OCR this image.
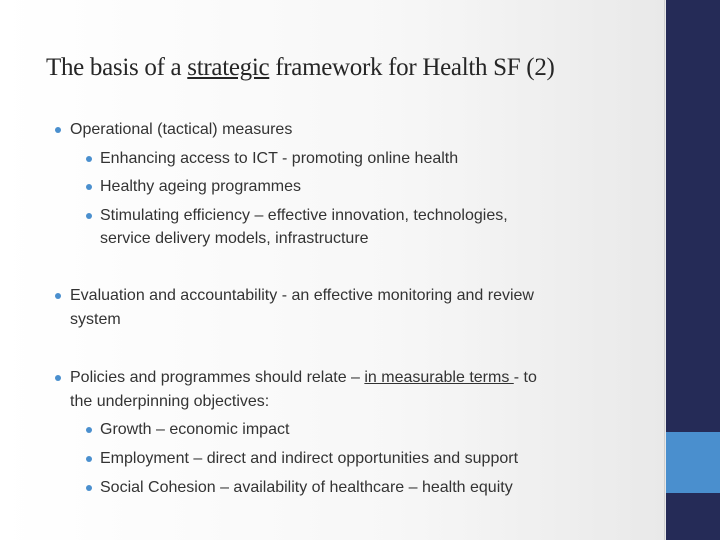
The basis of a strategic framework for Health SF (2)
Operational (tactical) measures
Enhancing access to ICT - promoting online health
Healthy ageing programmes
Stimulating efficiency – effective innovation, technologies,
service delivery models, infrastructure
Evaluation and accountability - an effective monitoring and review
system
Policies and programmes should relate – in measurable terms - to
the underpinning objectives:
Growth – economic impact
Employment – direct and indirect opportunities and support
Social Cohesion – availability of healthcare – health equity
